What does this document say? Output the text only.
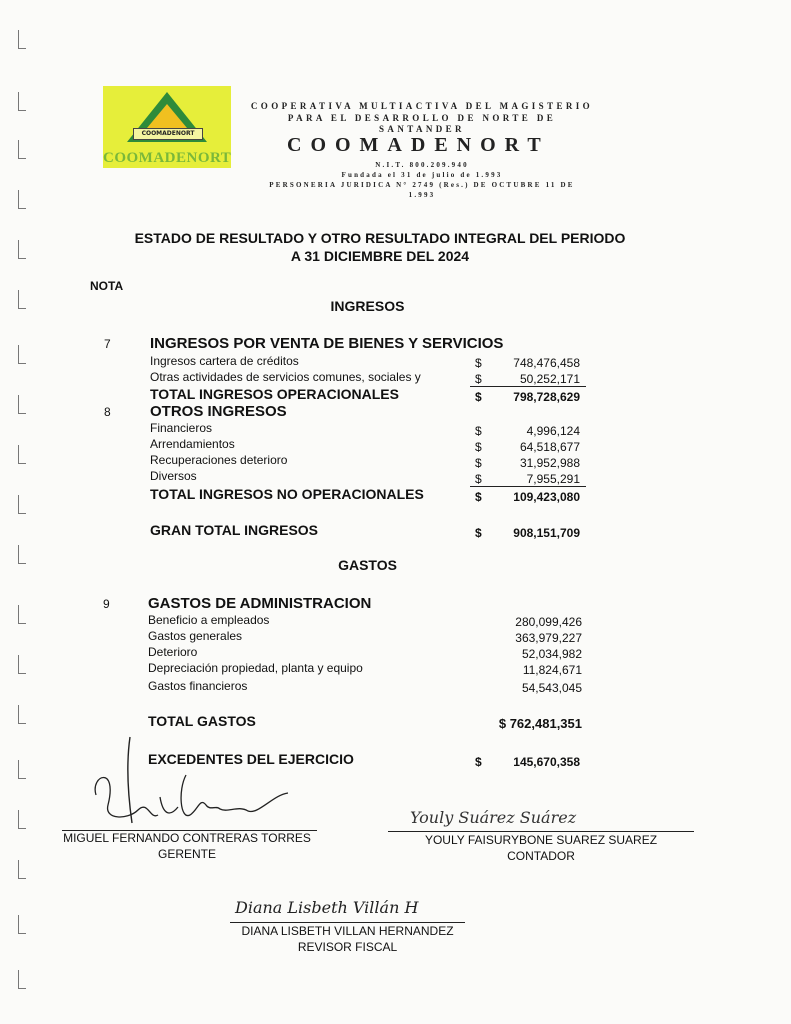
COOMADENORT
COOMADENORT
COOPERATIVA MULTIACTIVA DEL MAGISTERIO
PARA EL DESARROLLO DE NORTE DE
SANTANDER
COOMADENORT
N.I.T. 800.209.940
Fundada el 31 de julio de 1.993
PERSONERIA JURIDICA N° 2749 (Res.) DE OCTUBRE 11 DE
1.993
ESTADO DE RESULTADO Y OTRO RESULTADO INTEGRAL DEL PERIODO
A 31 DICIEMBRE DEL 2024
NOTA
INGRESOS
7	INGRESOS POR VENTA DE BIENES Y SERVICIOS
Ingresos cartera de créditos	$	748,476,458
Otras actividades de servicios comunes, sociales y	$	50,252,171
TOTAL INGRESOS OPERACIONALES	$	798,728,629
8	OTROS INGRESOS
Financieros	$	4,996,124
Arrendamientos	$	64,518,677
Recuperaciones deterioro	$	31,952,988
Diversos	$	7,955,291
TOTAL INGRESOS NO OPERACIONALES	$	109,423,080
GRAN TOTAL INGRESOS	$	908,151,709
GASTOS
9	GASTOS DE ADMINISTRACION
Beneficio a empleados	280,099,426
Gastos generales	363,979,227
Deterioro	52,034,982
Depreciación propiedad, planta y equipo	11,824,671
Gastos financieros	54,543,045
TOTAL GASTOS	$ 762,481,351
EXCEDENTES DEL EJERCICIO	$	145,670,358
MIGUEL FERNANDO CONTRERAS TORRES
GERENTE
Youly Suárez Suárez
YOULY FAISURYBONE SUAREZ SUAREZ
CONTADOR
Diana Lisbeth Villán H
DIANA LISBETH VILLAN HERNANDEZ
REVISOR FISCAL
